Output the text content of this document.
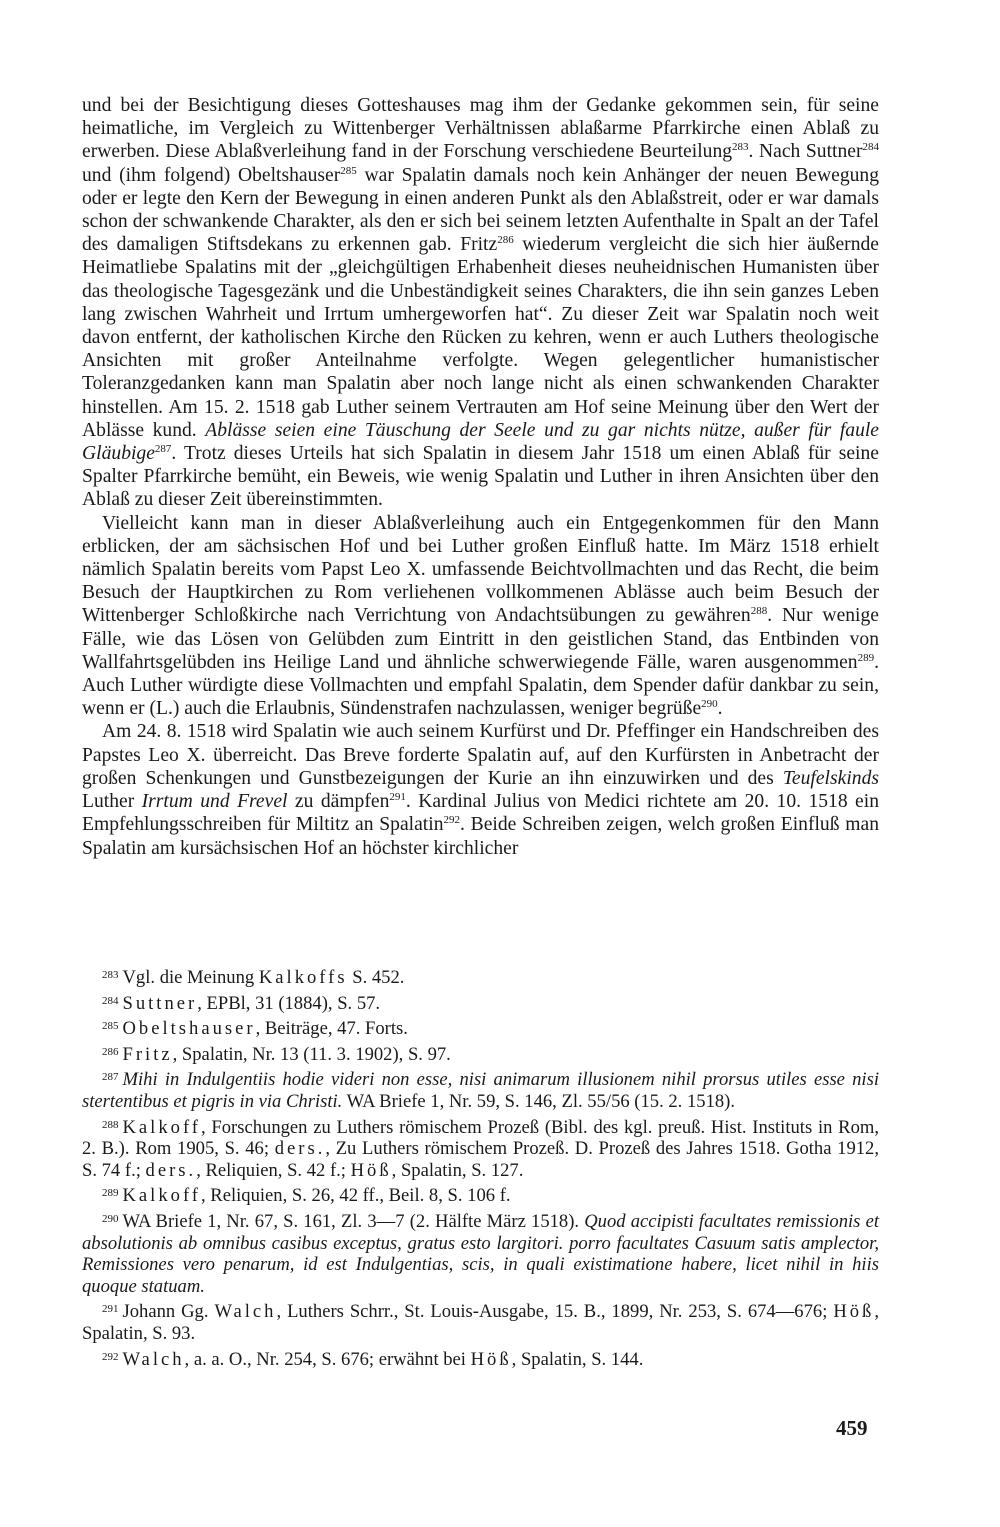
und bei der Besichtigung dieses Gotteshauses mag ihm der Gedanke gekommen sein, für seine heimatliche, im Vergleich zu Wittenberger Verhältnissen ablaßarme Pfarrkirche einen Ablaß zu erwerben. Diese Ablaßverleihung fand in der Forschung verschiedene Beurteilung$^{283}$. Nach Suttner$^{284}$ und (ihm folgend) Obeltshauser$^{285}$ war Spalatin damals noch kein Anhänger der neuen Bewegung oder er legte den Kern der Bewegung in einen anderen Punkt als den Ablaßstreit, oder er war damals schon der schwankende Charakter, als den er sich bei seinem letzten Aufenthalte in Spalt an der Tafel des damaligen Stiftsdekans zu erkennen gab. Fritz$^{286}$ wiederum vergleicht die sich hier äußernde Heimatliebe Spalatins mit der „gleichgültigen Erhabenheit dieses neuheidnischen Humanisten über das theologische Tagesgezänk und die Unbeständigkeit seines Charakters, die ihn sein ganzes Leben lang zwischen Wahrheit und Irrtum umhergeworfen hat“. Zu dieser Zeit war Spalatin noch weit davon entfernt, der katholischen Kirche den Rücken zu kehren, wenn er auch Luthers theologische Ansichten mit großer Anteilnahme verfolgte. Wegen gelegentlicher humanistischer Toleranzgedanken kann man Spalatin aber noch lange nicht als einen schwankenden Charakter hinstellen. Am 15. 2. 1518 gab Luther seinem Vertrauten am Hof seine Meinung über den Wert der Ablässe kund. Ablässe seien eine Täuschung der Seele und zu gar nichts nütze, außer für faule Gläubige$^{287}$. Trotz dieses Urteils hat sich Spalatin in diesem Jahr 1518 um einen Ablaß für seine Spalter Pfarrkirche bemüht, ein Beweis, wie wenig Spalatin und Luther in ihren Ansichten über den Ablaß zu dieser Zeit übereinstimmten.

Vielleicht kann man in dieser Ablaßverleihung auch ein Entgegenkommen für den Mann erblicken, der am sächsischen Hof und bei Luther großen Einfluß hatte. Im März 1518 erhielt nämlich Spalatin bereits vom Papst Leo X. umfassende Beichtvollmachten und das Recht, die beim Besuch der Hauptkirchen zu Rom verliehenen vollkommenen Ablässe auch beim Besuch der Wittenberger Schloßkirche nach Verrichtung von Andachtsübungen zu gewähren$^{288}$. Nur wenige Fälle, wie das Lösen von Gelübden zum Eintritt in den geistlichen Stand, das Entbinden von Wallfahrtsgelübden ins Heilige Land und ähnliche schwerwiegende Fälle, waren ausgenommen$^{289}$. Auch Luther würdigte diese Vollmachten und empfahl Spalatin, dem Spender dafür dankbar zu sein, wenn er (L.) auch die Erlaubnis, Sündenstrafen nachzulassen, weniger begrüße$^{290}$.

Am 24. 8. 1518 wird Spalatin wie auch seinem Kurfürst und Dr. Pfeffinger ein Handschreiben des Papstes Leo X. überreicht. Das Breve forderte Spalatin auf, auf den Kurfürsten in Anbetracht der großen Schenkungen und Gunstbezeigungen der Kurie an ihn einzuwirken und des Teufelskinds Luther Irrtum und Frevel zu dämpfen$^{291}$. Kardinal Julius von Medici richtete am 20. 10. 1518 ein Empfehlungsschreiben für Miltitz an Spalatin$^{292}$. Beide Schreiben zeigen, welch großen Einfluß man Spalatin am kursächsischen Hof an höchster kirchlicher

$^{283}$ Vgl. die Meinung Kalkoffs S. 452.

$^{284}$ Suttner, EPBl, 31 (1884), S. 57.

$^{285}$ Obeltshauser, Beiträge, 47. Forts.

$^{286}$ Fritz, Spalatin, Nr. 13 (11. 3. 1902), S. 97.

$^{287}$ Mihi in Indulgentiis hodie videri non esse, nisi animarum illusionem nihil prorsus utiles esse nisi stertentibus et pigris in via Christi. WA Briefe 1, Nr. 59, S. 146, Zl. 55/56 (15. 2. 1518).

$^{288}$ Kalkoff, Forschungen zu Luthers römischem Prozeß (Bibl. des kgl. preuß. Hist. Instituts in Rom, 2. B.). Rom 1905, S. 46; ders., Zu Luthers römischem Prozeß. D. Prozeß des Jahres 1518. Gotha 1912, S. 74 f.; ders., Reliquien, S. 42 f.; Höß, Spalatin, S. 127.

$^{289}$ Kalkoff, Reliquien, S. 26, 42 ff., Beil. 8, S. 106 f.

$^{290}$ WA Briefe 1, Nr. 67, S. 161, Zl. 3—7 (2. Hälfte März 1518). Quod accipisti facultates remissionis et absolutionis ab omnibus casibus exceptus, gratus esto largitori. porro facultates Casuum satis amplector, Remissiones vero penarum, id est Indulgentias, scis, in quali existimatione habere, licet nihil in hiis quoque statuam.

$^{291}$ Johann Gg. Walch, Luthers Schrr., St. Louis-Ausgabe, 15. B., 1899, Nr. 253, S. 674—676; Höß, Spalatin, S. 93.

$^{292}$ Walch, a. a. O., Nr. 254, S. 676; erwähnt bei Höß, Spalatin, S. 144.

459
